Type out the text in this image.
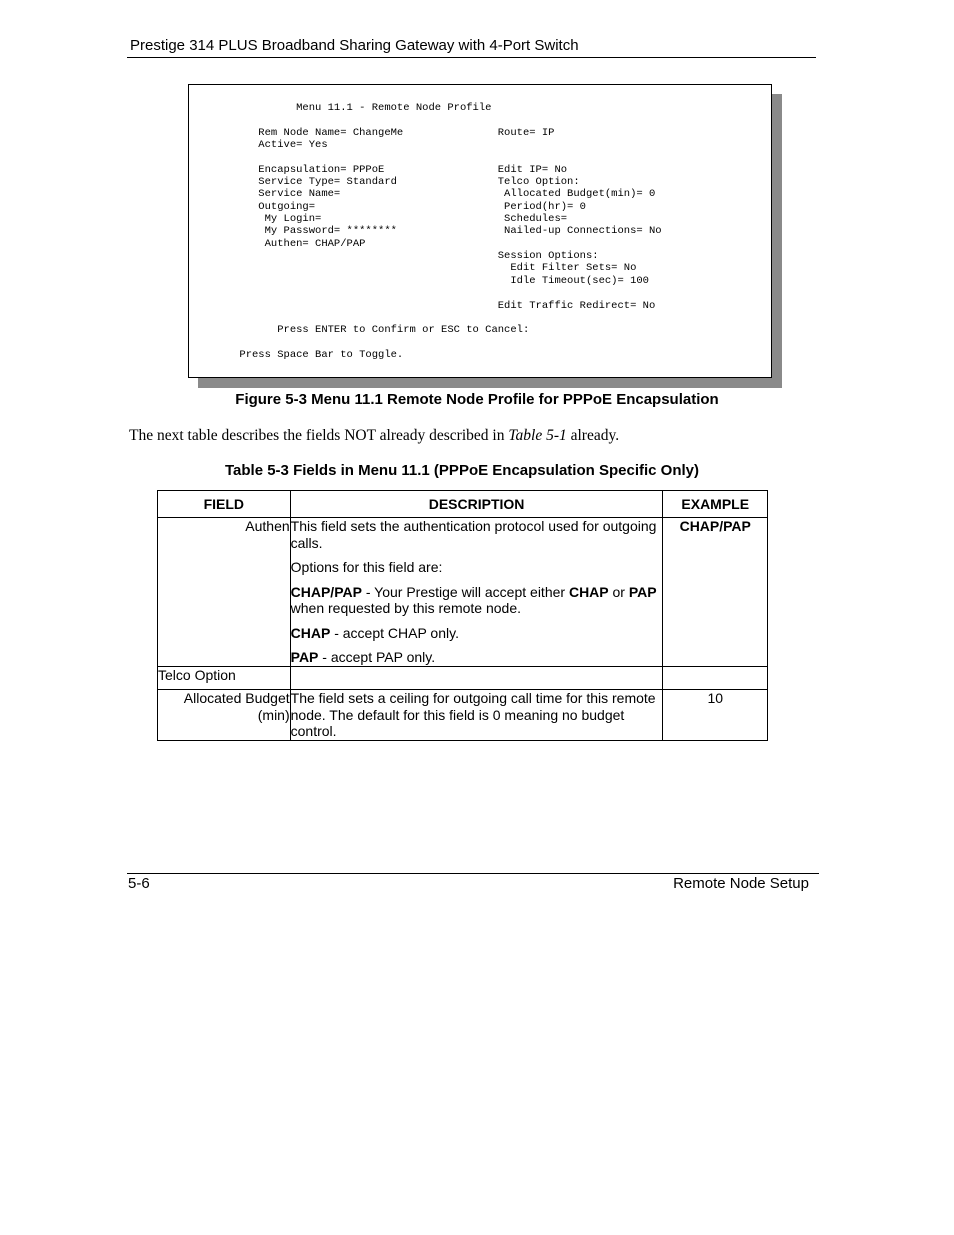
Prestige 314 PLUS Broadband Sharing Gateway with 4-Port Switch
Menu 11.1 - Remote Node Profile

Rem Node Name= ChangeMe               Route= IP
Active= Yes

Encapsulation= PPPoE                  Edit IP= No
Service Type= Standard                Telco Option:
Service Name=                          Allocated Budget(min)= 0
Outgoing=                              Period(hr)= 0
My Login=                             Schedules=
My Password= ********                 Nailed-up Connections= No
Authen= CHAP/PAP
Session Options:
Edit Filter Sets= No
Idle Timeout(sec)= 100

Edit Traffic Redirect= No

Press ENTER to Confirm or ESC to Cancel:

Press Space Bar to Toggle.
Figure 5-3 Menu 11.1 Remote Node Profile for PPPoE Encapsulation
The next table describes the fields NOT already described in Table 5-1 already.
Table 5-3 Fields in Menu 11.1 (PPPoE Encapsulation Specific Only)
FIELD	DESCRIPTION	EXAMPLE
Authen	This field sets the authentication protocol used for outgoing calls.

Options for this field are:

CHAP/PAP - Your Prestige will accept either CHAP or PAP when requested by this remote node.

CHAP - accept CHAP only.

PAP - accept PAP only.	CHAP/PAP
Telco Option		
Allocated Budget (min)	The field sets a ceiling for outgoing call time for this remote node. The default for this field is 0 meaning no budget control.	10
5-6	Remote Node Setup
